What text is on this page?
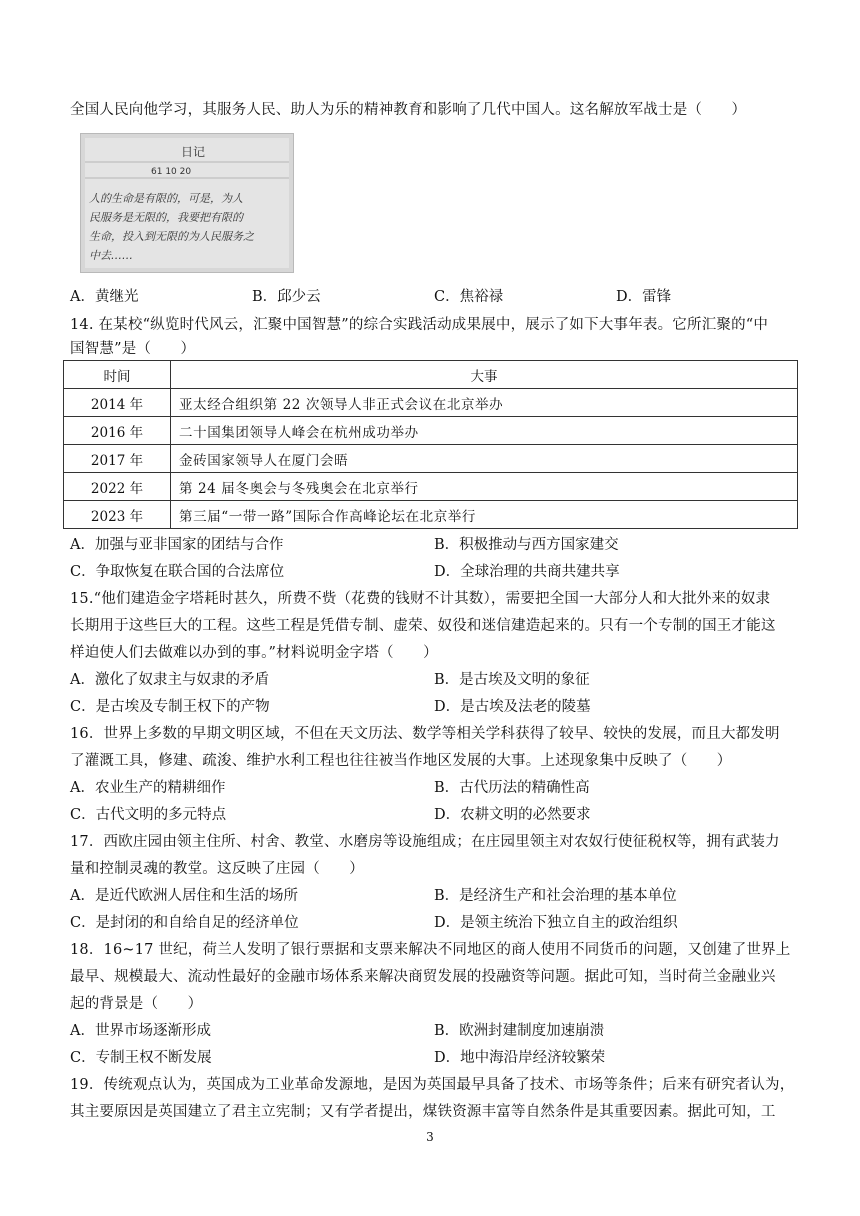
全国人民向他学习，其服务人民、助人为乐的精神教育和影响了几代中国人。这名解放军战士是（　　）
日记
61 10 20
人的生命是有限的，可是，为人
民服务是无限的，我要把有限的
生命，投入到无限的为人民服务之
中去……
A．黄继光	B．邱少云	C．焦裕禄	D．雷锋
14. 在某校“纵览时代风云，汇聚中国智慧”的综合实践活动成果展中，展示了如下大事年表。它所汇聚的“中
国智慧”是（　　）
时间	大事
2014 年	亚太经合组织第 22 次领导人非正式会议在北京举办
2016 年	二十国集团领导人峰会在杭州成功举办
2017 年	金砖国家领导人在厦门会晤
2022 年	第 24 届冬奥会与冬残奥会在北京举行
2023 年	第三届“一带一路”国际合作高峰论坛在北京举行
A．加强与亚非国家的团结与合作	B．积极推动与西方国家建交
C．争取恢复在联合国的合法席位	D．全球治理的共商共建共享
15.“他们建造金字塔耗时甚久，所费不赀（花费的钱财不计其数），需要把全国一大部分人和大批外来的奴隶
长期用于这些巨大的工程。这些工程是凭借专制、虚荣、奴役和迷信建造起来的。只有一个专制的国王才能这
样迫使人们去做难以办到的事。”材料说明金字塔（　　）
A．激化了奴隶主与奴隶的矛盾	B．是古埃及文明的象征
C．是古埃及专制王权下的产物	D．是古埃及法老的陵墓
16．世界上多数的早期文明区域，不但在天文历法、数学等相关学科获得了较早、较快的发展，而且大都发明
了灌溉工具，修建、疏浚、维护水利工程也往往被当作地区发展的大事。上述现象集中反映了（　　）
A．农业生产的精耕细作	B．古代历法的精确性高
C．古代文明的多元特点	D．农耕文明的必然要求
17．西欧庄园由领主住所、村舍、教堂、水磨房等设施组成；在庄园里领主对农奴行使征税权等，拥有武装力
量和控制灵魂的教堂。这反映了庄园（　　）
A．是近代欧洲人居住和生活的场所	B．是经济生产和社会治理的基本单位
C．是封闭的和自给自足的经济单位	D．是领主统治下独立自主的政治组织
18．16~17 世纪，荷兰人发明了银行票据和支票来解决不同地区的商人使用不同货币的问题，又创建了世界上
最早、规模最大、流动性最好的金融市场体系来解决商贸发展的投融资等问题。据此可知，当时荷兰金融业兴
起的背景是（　　）
A．世界市场逐渐形成	B．欧洲封建制度加速崩溃
C．专制王权不断发展	D．地中海沿岸经济较繁荣
19．传统观点认为，英国成为工业革命发源地，是因为英国最早具备了技术、市场等条件；后来有研究者认为，
其主要原因是英国建立了君主立宪制；又有学者提出，煤铁资源丰富等自然条件是其重要因素。据此可知，工
3
